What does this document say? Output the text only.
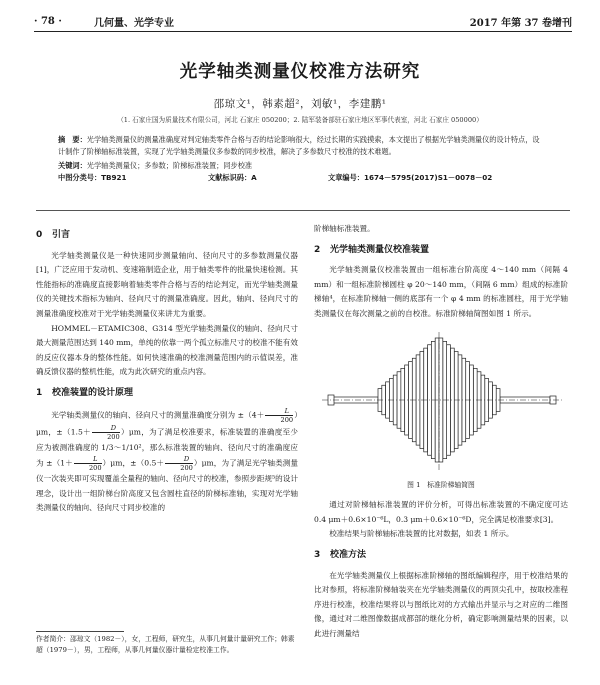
· 78 ·	几何量、光学专业	2017 年第 37 卷增刊
光学轴类测量仪校准方法研究
邵琼文¹，韩素超²，刘敏¹，李建鹏¹
（1. 石家庄国为质量技术有限公司，河北 石家庄 050200；2. 陆军装备部驻石家庄地区军事代表室，河北 石家庄 050000）

摘　要：光学轴类测量仪的测量准确度对判定轴类零件合格与否的结论影响很大，经过长期的实践摸索，本文提出了根据光学轴类测量仪的设计特点，设计制作了阶梯轴标准装置，实现了光学轴类测量仪多参数的同步校准，解决了多参数尺寸校准的技术难题。

关键词：光学轴类测量仪；多参数；阶梯标准装置；同步校准

中图分类号：TB921	文献标识码：A	文章编号：1674－5795(2017)S1－0078－02
0 引言

光学轴类测量仪是一种快速同步测量轴向、径向尺寸的多参数测量仪器[1]，广泛应用于发动机、变速箱制造企业，用于轴类零件的批量快速检测。其性能指标的准确度直接影响着轴类零件合格与否的结论判定，而光学轴类测量仪的关键技术指标为轴向、径向尺寸的测量准确度。因此，轴向、径向尺寸的测量准确度校准对于光学轴类测量仪来讲尤为重要。

HOMMEL－ETAMIC308、G314 型光学轴类测量仪的轴向、径向尺寸最大测量范围达到 140 mm，单纯的依靠一两个孤立标准尺寸的校准不能有效的反应仪器本身的整体性能。如何快速准确的校准测量范围内的示值误差，准确反馈仪器的整机性能，成为此次研究的重点内容。

1 校准装置的设计原理

光学轴类测量仪的轴向、径向尺寸的测量准确度分别为 $\pm(4+ \frac{L}{200} )\mu m$，$\pm(1.5+ \frac{D}{200} )\mu m$，为了满足校准要求，标准装置的准确度至少应为被测准确度的 1/3～1/10²，那么标准装置的轴向、径向尺寸的准确度应为 $\pm(1+ \frac{L}{200} )\mu m$，$\pm(0.5+ \frac{D}{200} )\mu m$，为了满足光学轴类测量仪一次装夹即可实现覆盖全量程的轴向、径向尺寸的校准，参照步距规⁵的设计理念，设计出一组阶梯台阶高度又包含圆柱直径的阶梯标准轴，实现对光学轴类测量仪的轴向、径向尺寸同步校准的

作者简介：邵琼文（1982－），女，工程师，研究生，从事几何量计量研究工作；韩素超（1979－），男，工程师，从事几何量仪器计量检定校准工作。

阶梯轴标准装置。

2 光学轴类测量仪校准装置

光学轴类测量仪校准装置由一组标准台阶高度 4～140 mm（间隔 4 mm）和一组标准阶梯圆柱 φ 20～140 mm，（间隔 6 mm）组成的标准阶梯轴⁴，在标准阶梯轴一侧的底部有一个 φ 4 mm 的标准圆柱，用于光学轴类测量仪在每次测量之前的自校准。标准阶梯轴简图如图 1 所示。

图 1　标准阶梯轴简图

通过对阶梯轴标准装置的评价分析，可得出标准装置的不确定度可达 0.4 μm＋0.6×10⁻⁶L，0.3 μm＋0.6×10⁻⁶D，完全满足校准要求[3]。

校准结果与阶梯轴标准装置的比对数据，如表 1 所示。

3 校准方法

在光学轴类测量仪上根据标准阶梯轴的图纸编辑程序，用于校准结果的比对参照，将标准阶梯轴装夹在光学轴类测量仪的两顶尖孔中，按取校准程序进行校准，校准结果将以与图纸比对的方式输出并显示与之对应的二维图像，通过对二维图像数据成都部的继化分析，确定影响测量结果的因素，以此进行测量结
